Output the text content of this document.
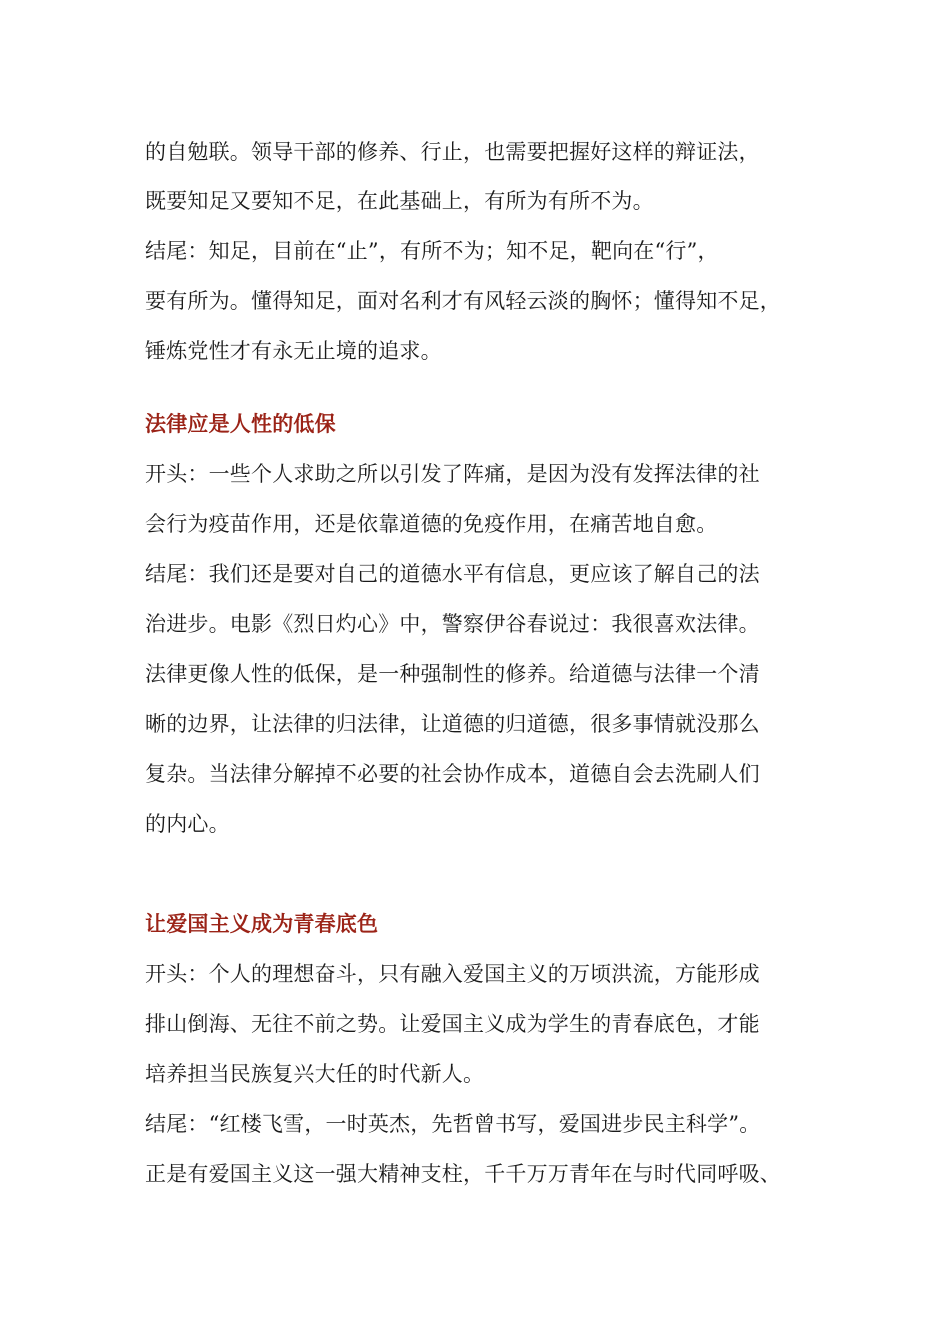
的自勉联。领导干部的修养、行止，也需要把握好这样的辩证法，
既要知足又要知不足，在此基础上，有所为有所不为。
结尾：知足，目前在“止”，有所不为；知不足，靶向在“行”，
要有所为。懂得知足，面对名利才有风轻云淡的胸怀；懂得知不足，
锤炼党性才有永无止境的追求。
法律应是人性的低保
开头：一些个人求助之所以引发了阵痛，是因为没有发挥法律的社
会行为疫苗作用，还是依靠道德的免疫作用，在痛苦地自愈。
结尾：我们还是要对自己的道德水平有信息，更应该了解自己的法
治进步。电影《烈日灼心》中，警察伊谷春说过：我很喜欢法律。
法律更像人性的低保，是一种强制性的修养。给道德与法律一个清
晰的边界，让法律的归法律，让道德的归道德，很多事情就没那么
复杂。当法律分解掉不必要的社会协作成本，道德自会去洗刷人们
的内心。
让爱国主义成为青春底色
开头：个人的理想奋斗，只有融入爱国主义的万顷洪流，方能形成
排山倒海、无往不前之势。让爱国主义成为学生的青春底色，才能
培养担当民族复兴大任的时代新人。
结尾：“红楼飞雪，一时英杰，先哲曾书写，爱国进步民主科学”。
正是有爱国主义这一强大精神支柱，千千万万青年在与时代同呼吸、
